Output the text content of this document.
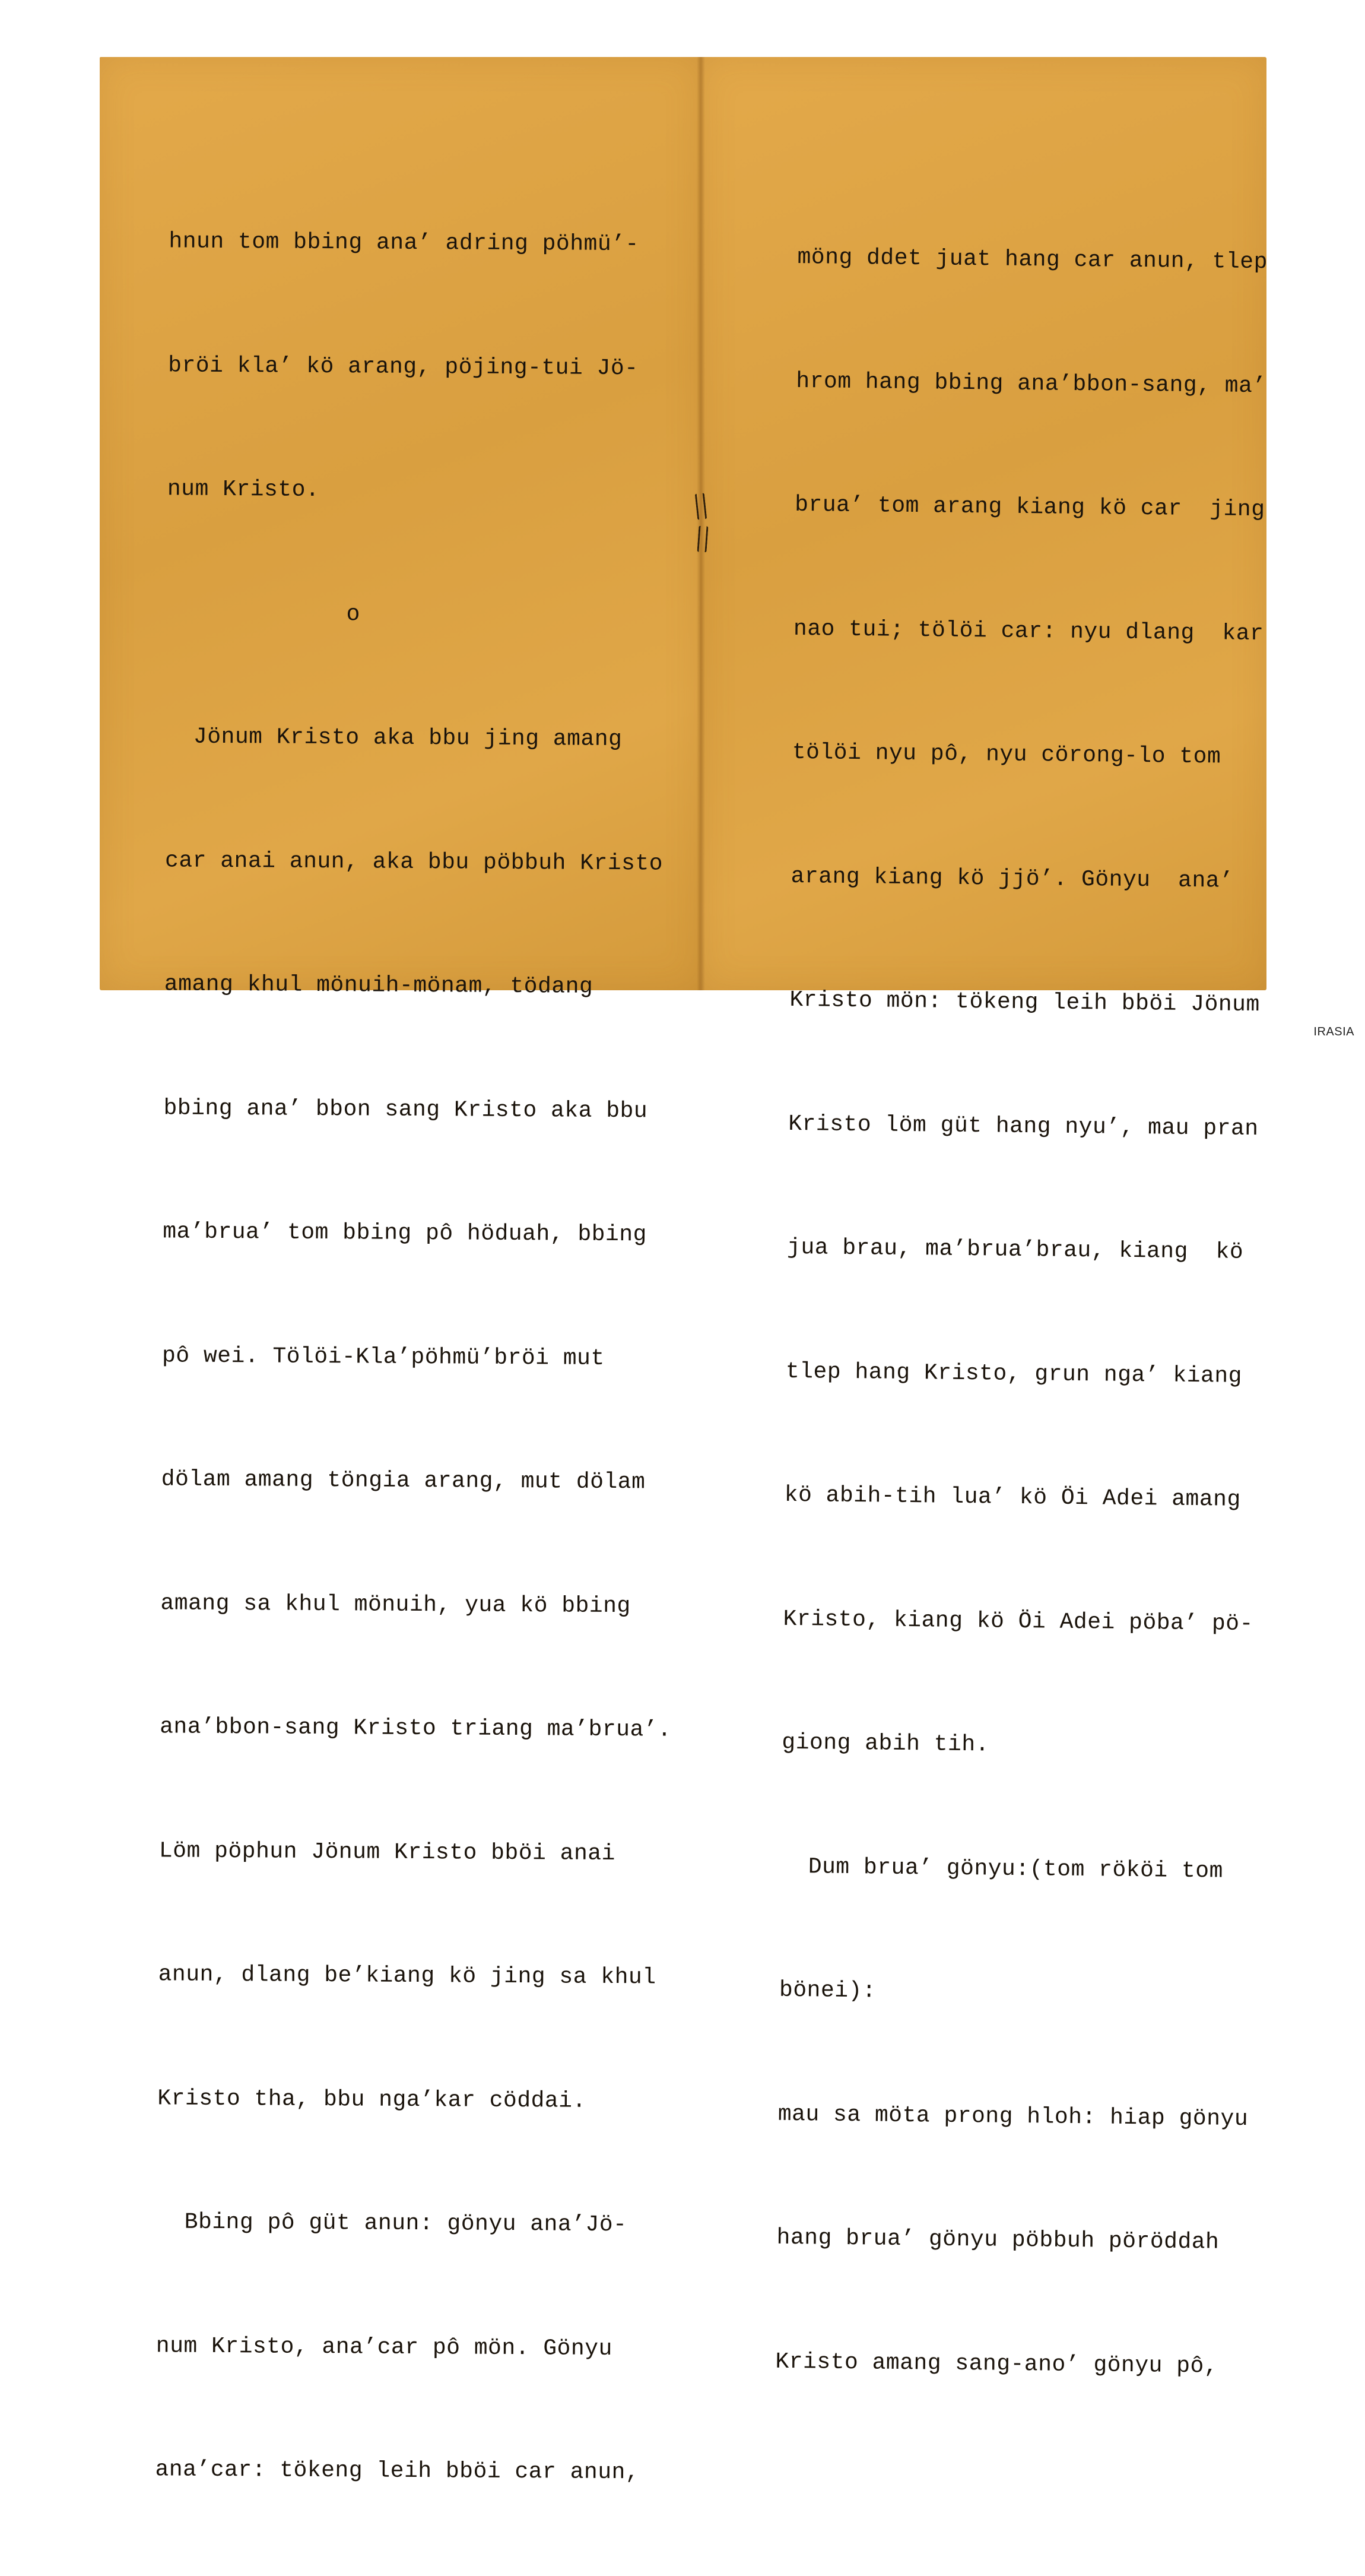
hnun tom bbing ana’ adring pöhmü’-

bröi kla’ kö arang, pöjing-tui Jö-

num Kristo.

o

Jönum Kristo aka bbu jing amang

car anai anun, aka bbu pöbbuh Kristo

amang khul mönuih-mönam, tödang

bbing ana’ bbon sang Kristo aka bbu

ma’brua’ tom bbing pô höduah, bbing

pô wei. Tölöi-Kla’pöhmü’bröi mut

dölam amang töngia arang, mut dölam

amang sa khul mönuih, yua kö bbing

ana’bbon-sang Kristo triang ma’brua’.

Löm pöphun Jönum Kristo bböi anai

anun, dlang be’kiang kö jing sa khul

Kristo tha, bbu nga’kar cöddai.

Bbing pô güt anun: gönyu ana’Jö-

num Kristo, ana’car pô mön. Gönyu

ana’car: tökeng leih bböi car anun,

möng ddet juat hang car anun, tlep

hrom hang bbing ana’bbon-sang, ma’

brua’ tom arang kiang kö car  jing

nao tui; tölöi car: nyu dlang  kar

tölöi nyu pô, nyu cörong-lo tom

arang kiang kö jjö’. Gönyu  ana’

Kristo mön: tökeng leih bböi Jönum

Kristo löm güt hang nyu’, mau pran

jua brau, ma’brua’brau, kiang  kö

tlep hang Kristo, grun nga’ kiang

kö abih-tih lua’ kö Öi Adei amang

Kristo, kiang kö Öi Adei pöba’ pö-

giong abih tih.

Dum brua’ gönyu:(tom rököi tom

bönei):

mau sa möta prong hloh: hiap gönyu

hang brua’ gönyu pöbbuh pöröddah

Kristo amang sang-ano’ gönyu pô,

IRASIA
